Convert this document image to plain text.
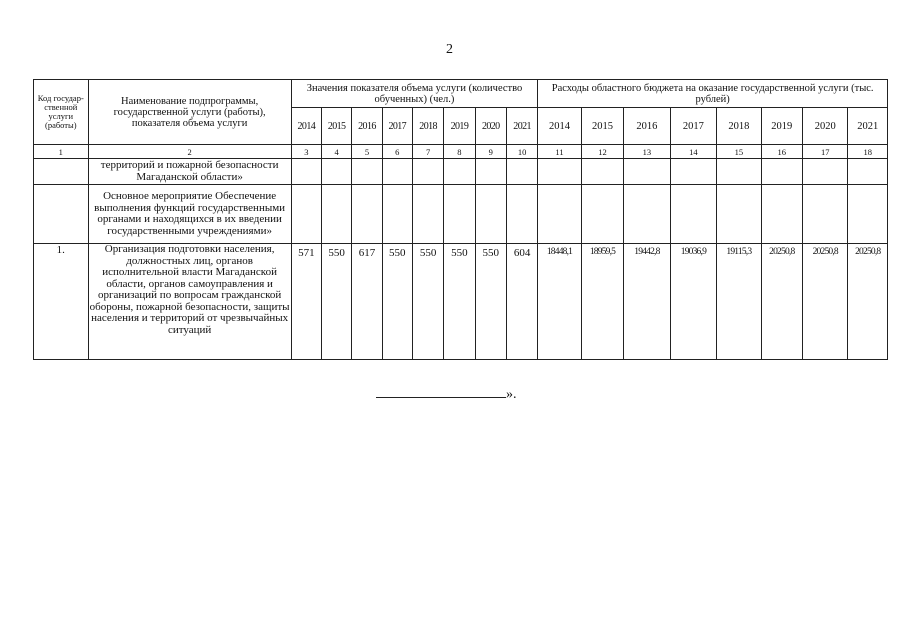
2
Код государ-ственной услуги (работы)	Наименование подпрограммы, государственной услуги (работы), показателя объема услуги	Значения показателя объема услуги (количество обученных) (чел.)								Расходы областного бюджета на оказание государственной услуги (тыс. рублей)							
		2014	2015	2016	2017	2018	2019	2020	2021	2014	2015	2016	2017	2018	2019	2020	2021
1	2	3	4	5	6	7	8	9	10	11	12	13	14	15	16	17	18
	территорий и пожарной безопасности Магаданской области»																
	Основное мероприятие Обеспечение выполнения функций государственными органами и находящихся в их введении государственными учреждениями»																
1.	Организация подготовки населения, должностных лиц, органов исполнительной власти Магаданской области, органов самоуправления и организаций по вопросам гражданской обороны, пожарной безопасности, защиты населения и территорий от чрезвычайных ситуаций	571	550	617	550	550	550	550	604	18448,1	18959,5	19442,8	19036,9	19115,3	20250,8	20250,8	20250,8
».
